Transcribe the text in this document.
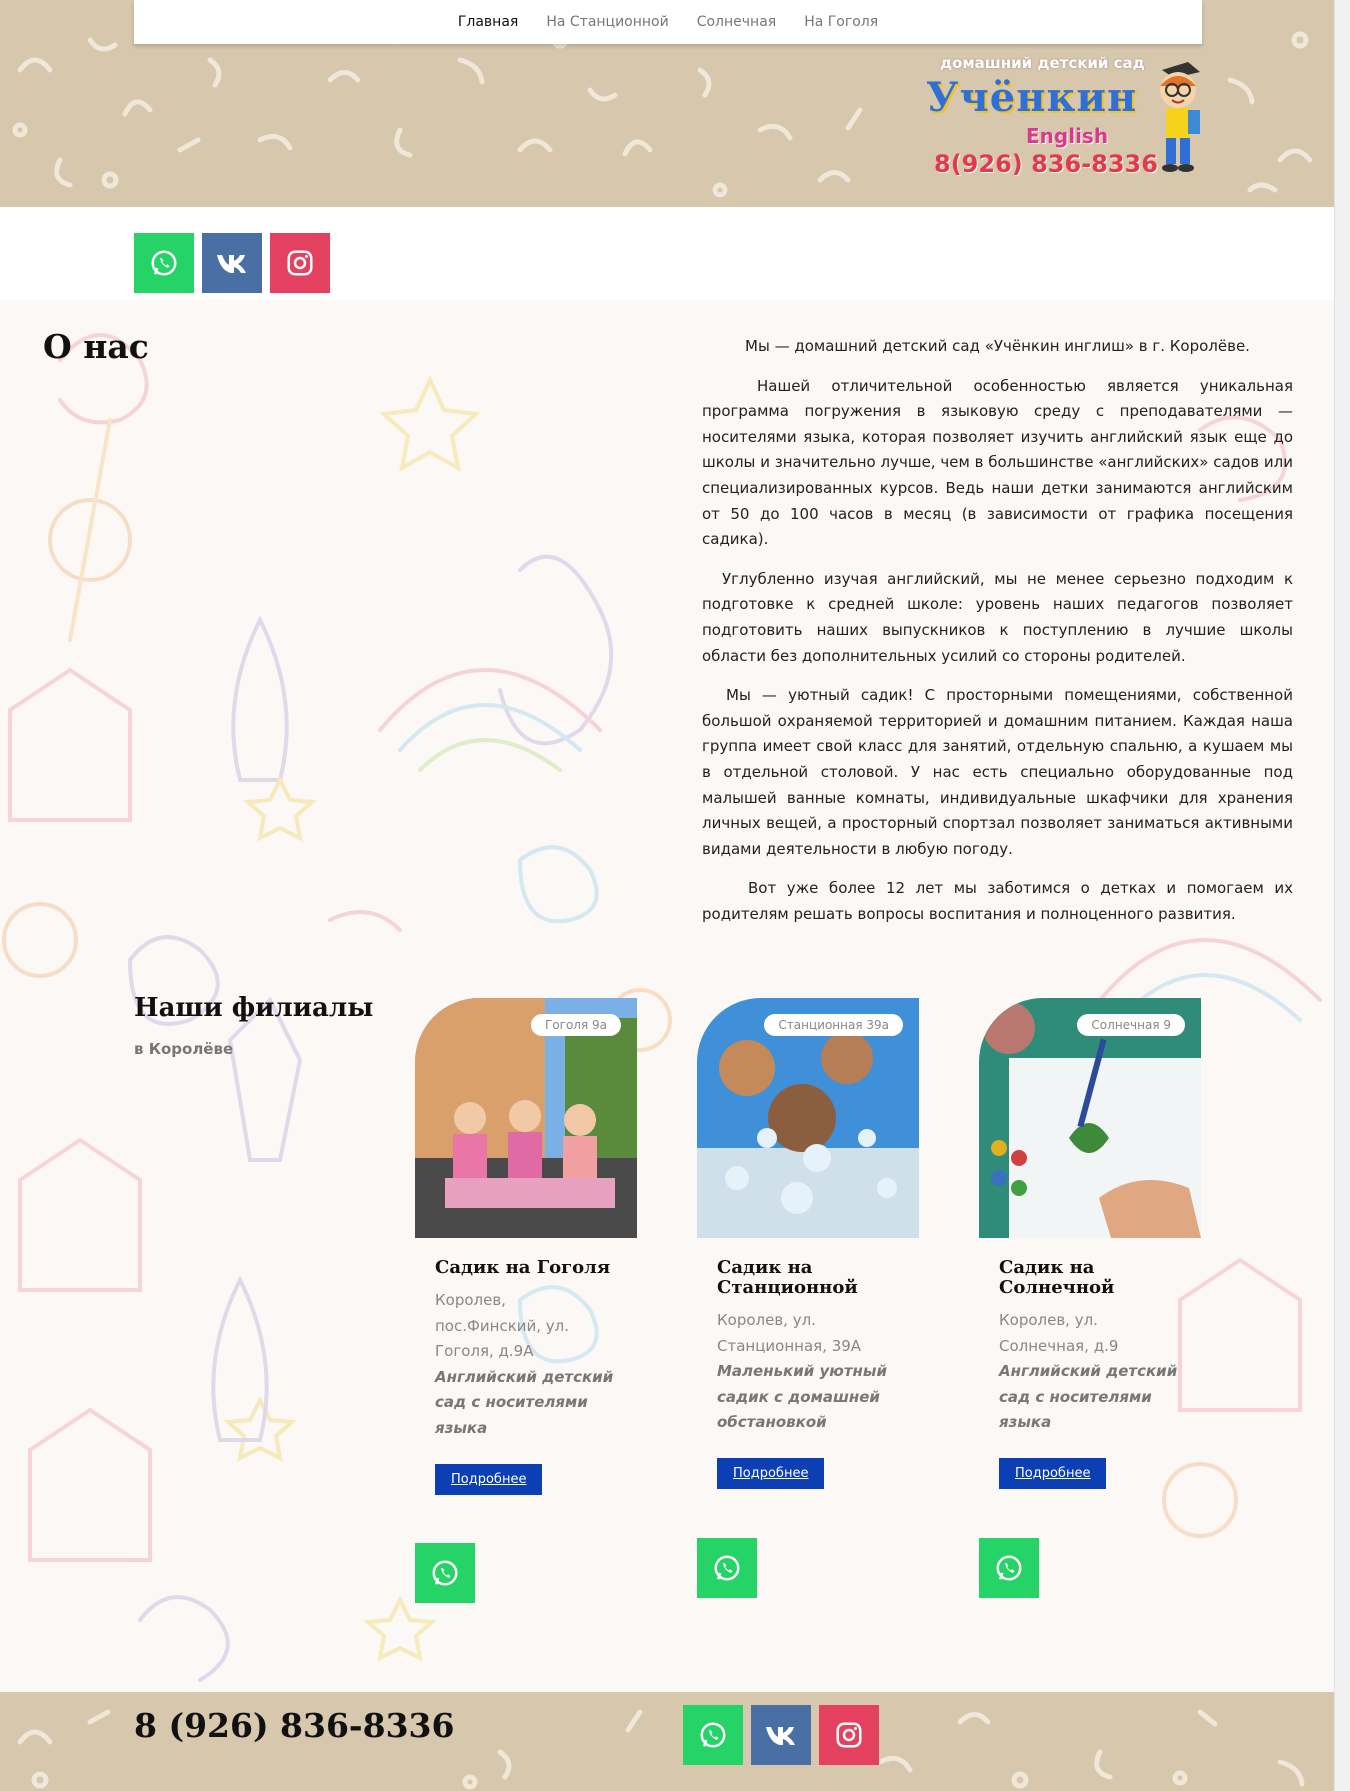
Главная На Станционной Солнечная На Гоголя
домашний детский сад
Учёнкин
English
8(926) 836-8336
О нас	Мы — домашний детский сад «Учёнкин инглиш» в г. Королёве.

Нашей отличительной особенностью является уникальная программа погружения в языковую среду с преподавателями — носителями языка, которая позволяет изучить английский язык еще до школы и значительно лучше, чем в большинстве «английских» садов или специализированных курсов. Ведь наши детки занимаются английским от 50 до 100 часов в месяц (в зависимости от графика посещения садика).

Углубленно изучая английский, мы не менее серьезно подходим к подготовке к средней школе: уровень наших педагогов позволяет подготовить наших выпускников к поступлению в лучшие школы области без дополнительных усилий со стороны родителей.

Мы — уютный садик! С просторными помещениями, собственной большой охраняемой территорией и домашним питанием. Каждая наша группа имеет свой класс для занятий, отдельную спальню, а кушаем мы в отдельной столовой. У нас есть специально оборудованные под малышей ванные комнаты, индивидуальные шкафчики для хранения личных вещей, а просторный спортзал позволяет заниматься активными видами деятельности в любую погоду.

Вот уже более 12 лет мы заботимся о детках и помогаем их родителям решать вопросы воспитания и полноценного развития.

Наши филиалы
в Королёве
Гоголя 9а
Садик на Гоголя
Королев, пос.Финский, ул. Гоголя, д.9А
Английский детский сад с носителями языка
Подробнее
Станционная 39а
Садик на Станционной
Королев, ул. Станционная, 39А
Маленький уютный садик с домашней обстановкой
Подробнее
Солнечная 9
Садик на Солнечной
Королев, ул. Солнечная, д.9
Английский детский сад с носителями языка
Подробнее
8 (926) 836-8336
